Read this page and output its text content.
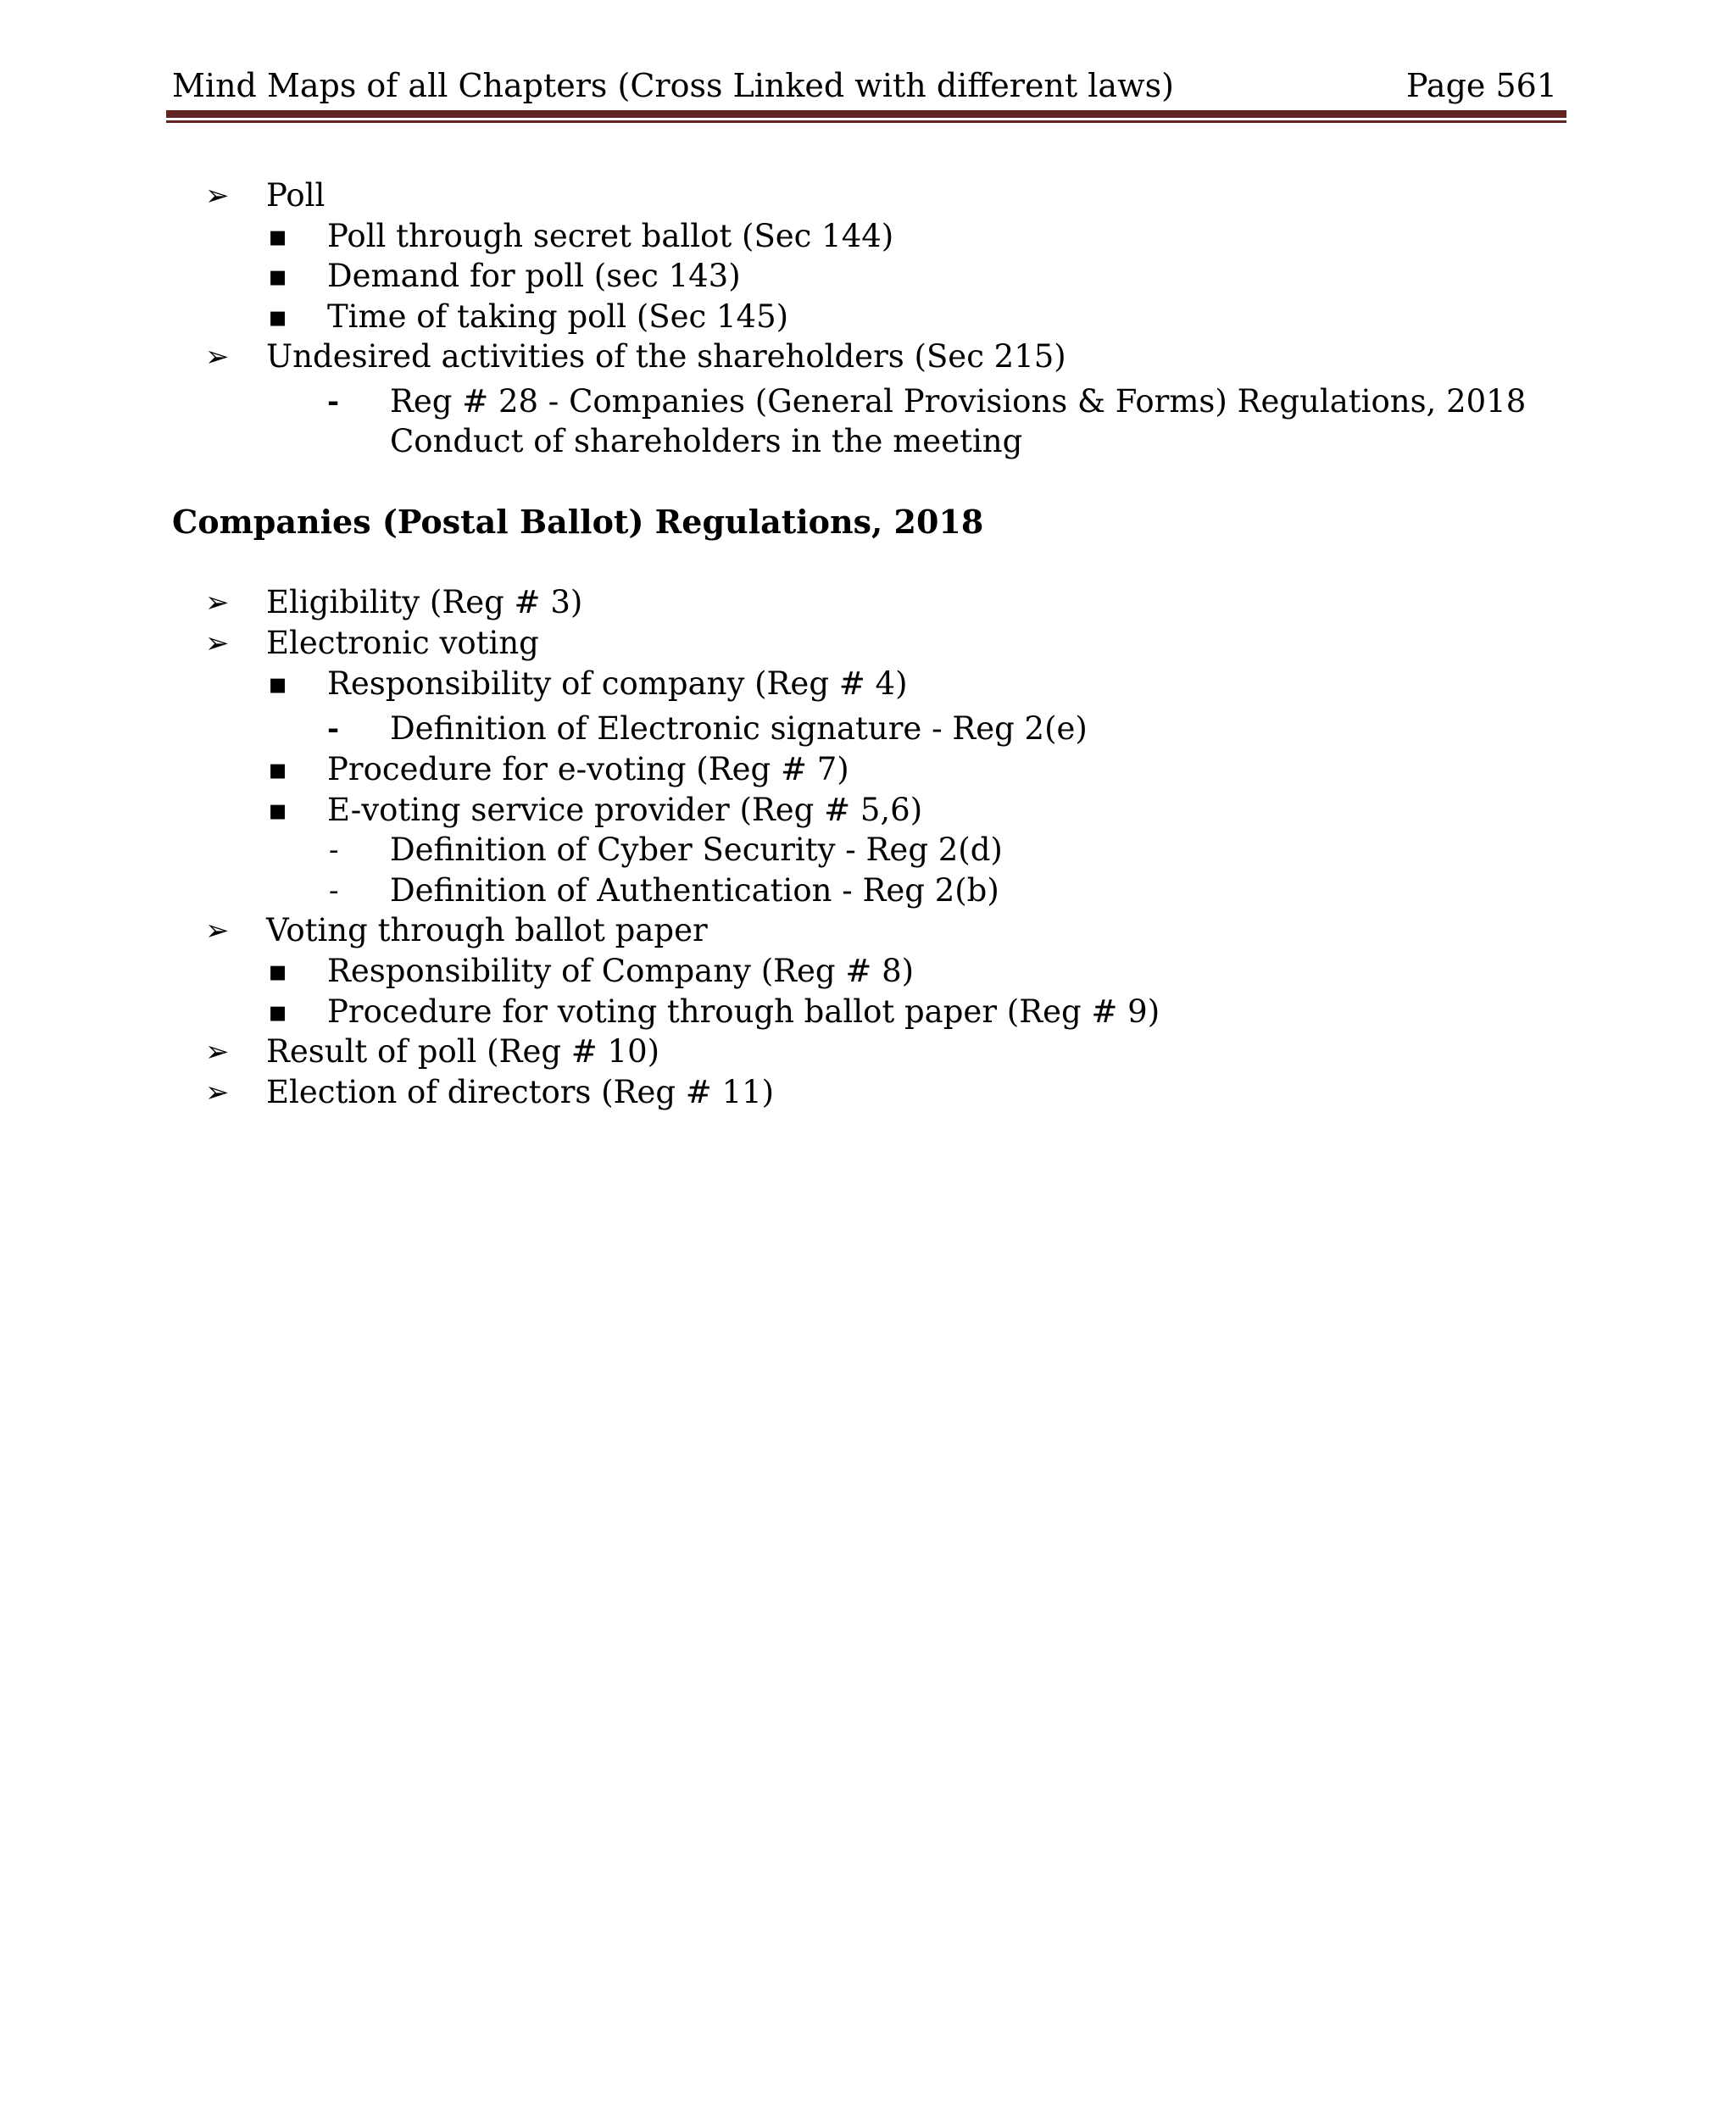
Mind Maps of all Chapters (Cross Linked with different laws)	Page 561
➢ Poll
▪ Poll through secret ballot (Sec 144)
▪ Demand for poll (sec 143)
▪ Time of taking poll (Sec 145)
➢ Undesired activities of the shareholders (Sec 215)
- Reg # 28 - Companies (General Provisions & Forms) Regulations, 2018
Conduct of shareholders in the meeting
Companies (Postal Ballot) Regulations, 2018
➢ Eligibility (Reg # 3)
➢ Electronic voting
▪ Responsibility of company (Reg # 4)
- Definition of Electronic signature - Reg 2(e)
▪ Procedure for e-voting (Reg # 7)
▪ E-voting service provider (Reg # 5,6)
- Definition of Cyber Security - Reg 2(d)
- Definition of Authentication - Reg 2(b)
➢ Voting through ballot paper
▪ Responsibility of Company (Reg # 8)
▪ Procedure for voting through ballot paper (Reg # 9)
➢ Result of poll (Reg # 10)
➢ Election of directors (Reg # 11)
